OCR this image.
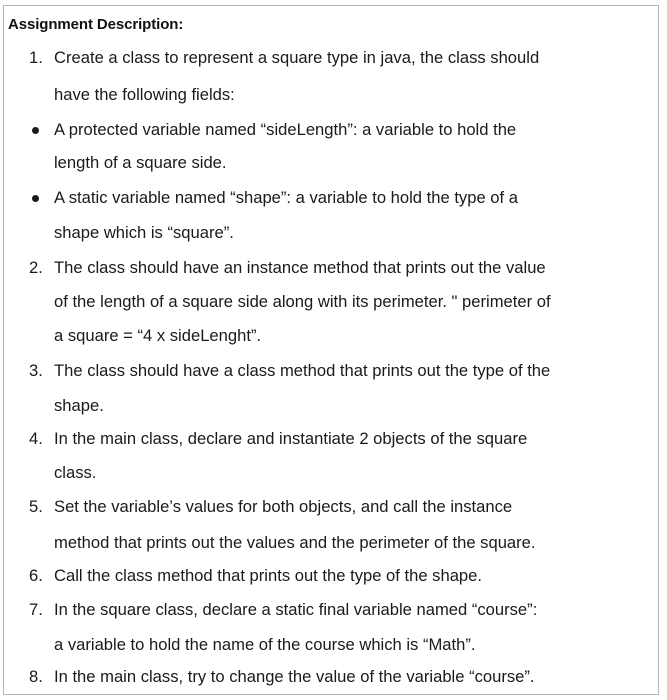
Assignment Description:
1. Create a class to represent a square type in java, the class should
have the following fields:
A protected variable named “sideLength”: a variable to hold the
length of a square side.
A static variable named “shape”: a variable to hold the type of a
shape which is “square”.
2. The class should have an instance method that prints out the value
of the length of a square side along with its perimeter. " perimeter of
a square = “4 x sideLenght”.
3. The class should have a class method that prints out the type of the
shape.
4. In the main class, declare and instantiate 2 objects of the square
class.
5. Set the variable’s values for both objects, and call the instance
method that prints out the values and the perimeter of the square.
6. Call the class method that prints out the type of the shape.
7. In the square class, declare a static final variable named “course”:
a variable to hold the name of the course which is “Math”.
8. In the main class, try to change the value of the variable “course”.
